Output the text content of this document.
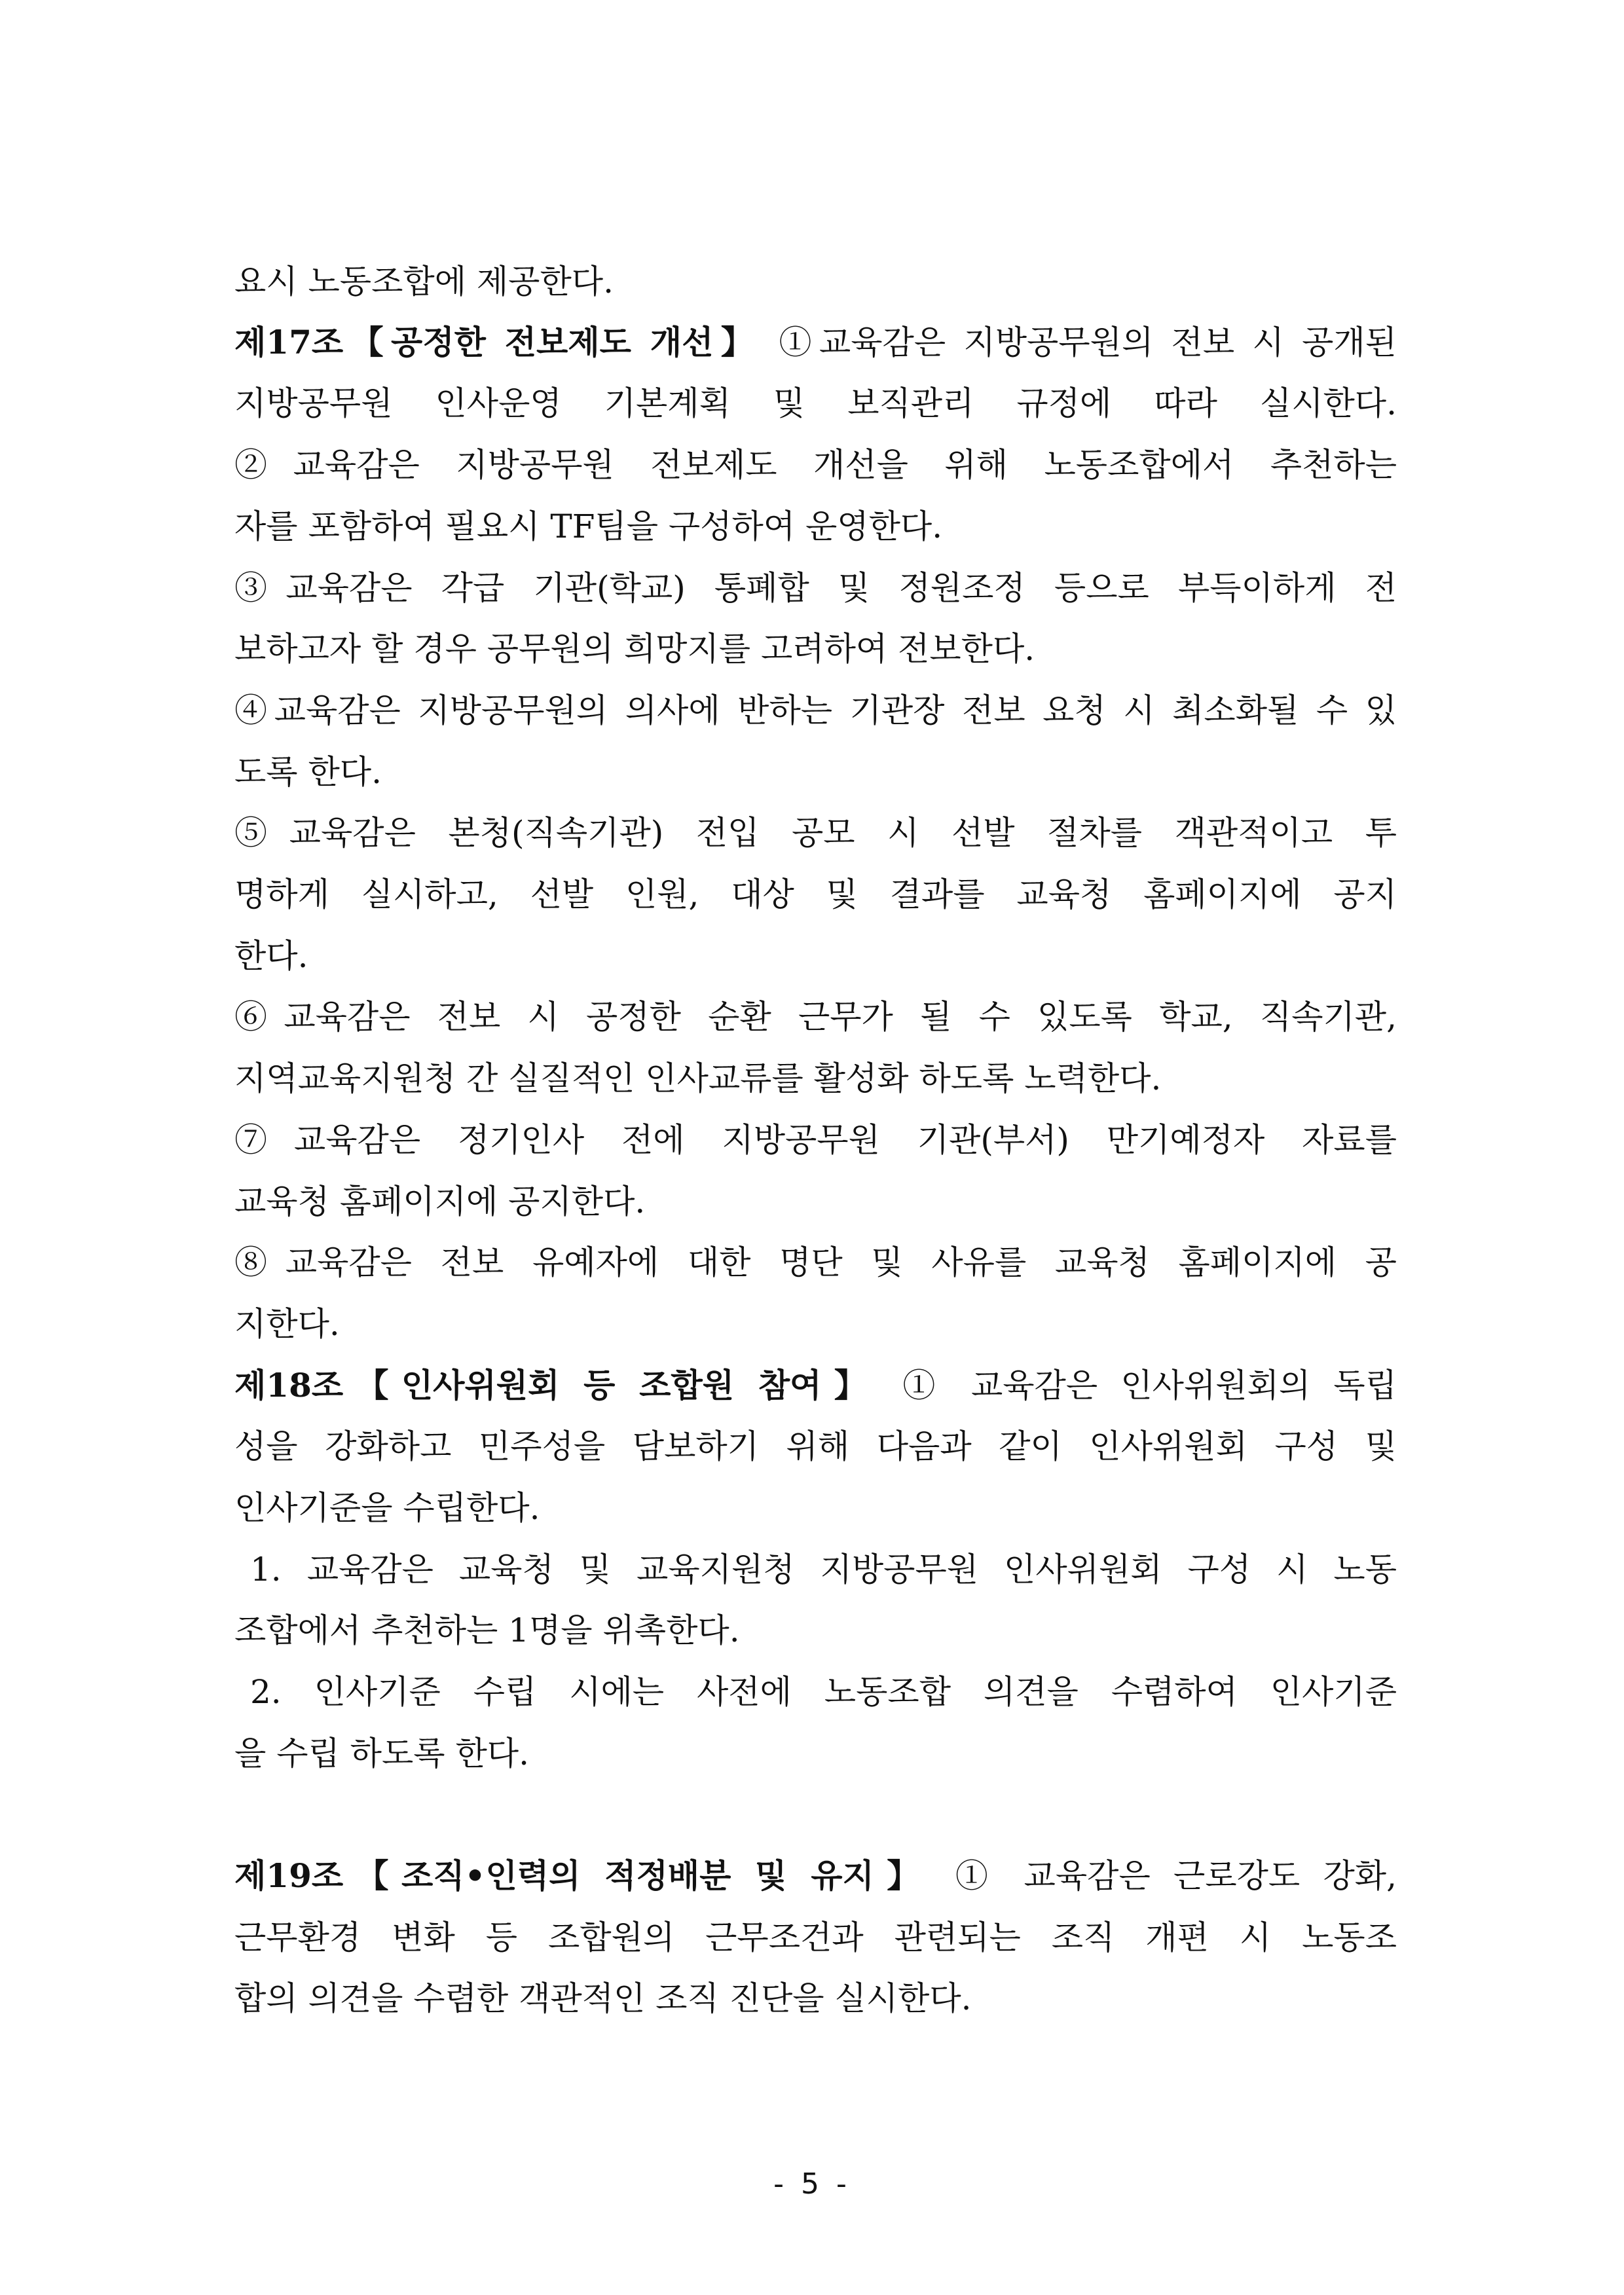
요시 노동조합에 제공한다.
제17조【공정한 전보제도 개선】 ①교육감은 지방공무원의 전보 시 공개된
지방공무원 인사운영 기본계획 및 보직관리 규정에 따라 실시한다.
②교육감은 지방공무원 전보제도 개선을 위해 노동조합에서 추천하는
자를 포함하여 필요시 TF팀을 구성하여 운영한다.
③교육감은 각급 기관(학교) 통폐합 및 정원조정 등으로 부득이하게 전
보하고자 할 경우 공무원의 희망지를 고려하여 전보한다.
④교육감은 지방공무원의 의사에 반하는 기관장 전보 요청 시 최소화될 수 있
도록 한다.
⑤교육감은 본청(직속기관) 전입 공모 시 선발 절차를 객관적이고 투
명하게 실시하고, 선발 인원, 대상 및 결과를 교육청 홈페이지에 공지
한다.
⑥교육감은 전보 시 공정한 순환 근무가 될 수 있도록 학교, 직속기관,
지역교육지원청 간 실질적인 인사교류를 활성화 하도록 노력한다.
⑦교육감은 정기인사 전에 지방공무원 기관(부서) 만기예정자 자료를
교육청 홈페이지에 공지한다.
⑧교육감은 전보 유예자에 대한 명단 및 사유를 교육청 홈페이지에 공
지한다.
제18조【인사위원회 등 조합원 참여】 ① 교육감은 인사위원회의 독립
성을 강화하고 민주성을 담보하기 위해 다음과 같이 인사위원회 구성 및
인사기준을 수립한다.
1. 교육감은 교육청 및 교육지원청 지방공무원 인사위원회 구성 시 노동
조합에서 추천하는 1명을 위촉한다.
2. 인사기준 수립 시에는 사전에 노동조합 의견을 수렴하여 인사기준
을 수립 하도록 한다.
제19조【조직•인력의 적정배분 및 유지】 ① 교육감은 근로강도 강화,
근무환경 변화 등 조합원의 근무조건과 관련되는 조직 개편 시 노동조
합의 의견을 수렴한 객관적인 조직 진단을 실시한다.
- 5 -
